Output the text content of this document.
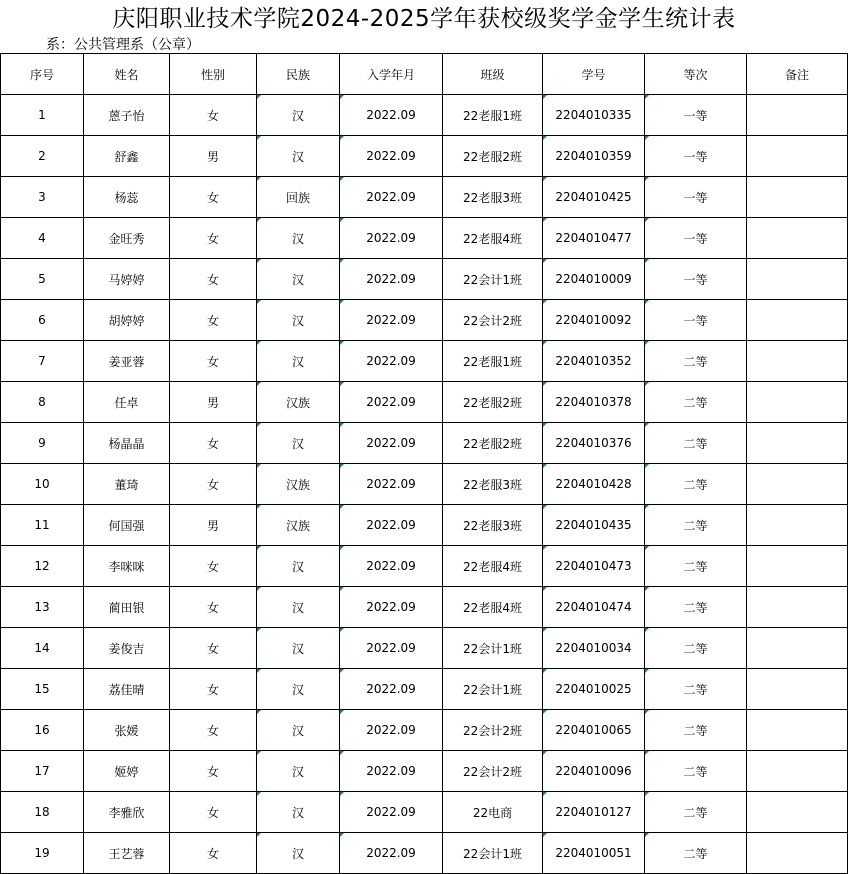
庆阳职业技术学院2024-2025学年获校级奖学金学生统计表
系：公共管理系（公章）
序号	姓名	性别	民族	入学年月	班级	学号	等次	备注
1	蒽子怡	女	汉	2022.09	22老服1班	2204010335	一等	
2	舒鑫	男	汉	2022.09	22老服2班	2204010359	一等	
3	杨蕊	女	回族	2022.09	22老服3班	2204010425	一等	
4	金旺秀	女	汉	2022.09	22老服4班	2204010477	一等	
5	马婷婷	女	汉	2022.09	22会计1班	2204010009	一等	
6	胡婷婷	女	汉	2022.09	22会计2班	2204010092	一等	
7	姜亚蓉	女	汉	2022.09	22老服1班	2204010352	二等	
8	任卓	男	汉族	2022.09	22老服2班	2204010378	二等	
9	杨晶晶	女	汉	2022.09	22老服2班	2204010376	二等	
10	董琦	女	汉族	2022.09	22老服3班	2204010428	二等	
11	何国强	男	汉族	2022.09	22老服3班	2204010435	二等	
12	李咪咪	女	汉	2022.09	22老服4班	2204010473	二等	
13	蔺田银	女	汉	2022.09	22老服4班	2204010474	二等	
14	姜俊吉	女	汉	2022.09	22会计1班	2204010034	二等	
15	荔佳晴	女	汉	2022.09	22会计1班	2204010025	二等	
16	张媛	女	汉	2022.09	22会计2班	2204010065	二等	
17	姬婷	女	汉	2022.09	22会计2班	2204010096	二等	
18	李雅欣	女	汉	2022.09	22电商	2204010127	二等	
19	王艺蓉	女	汉	2022.09	22会计1班	2204010051	二等	
